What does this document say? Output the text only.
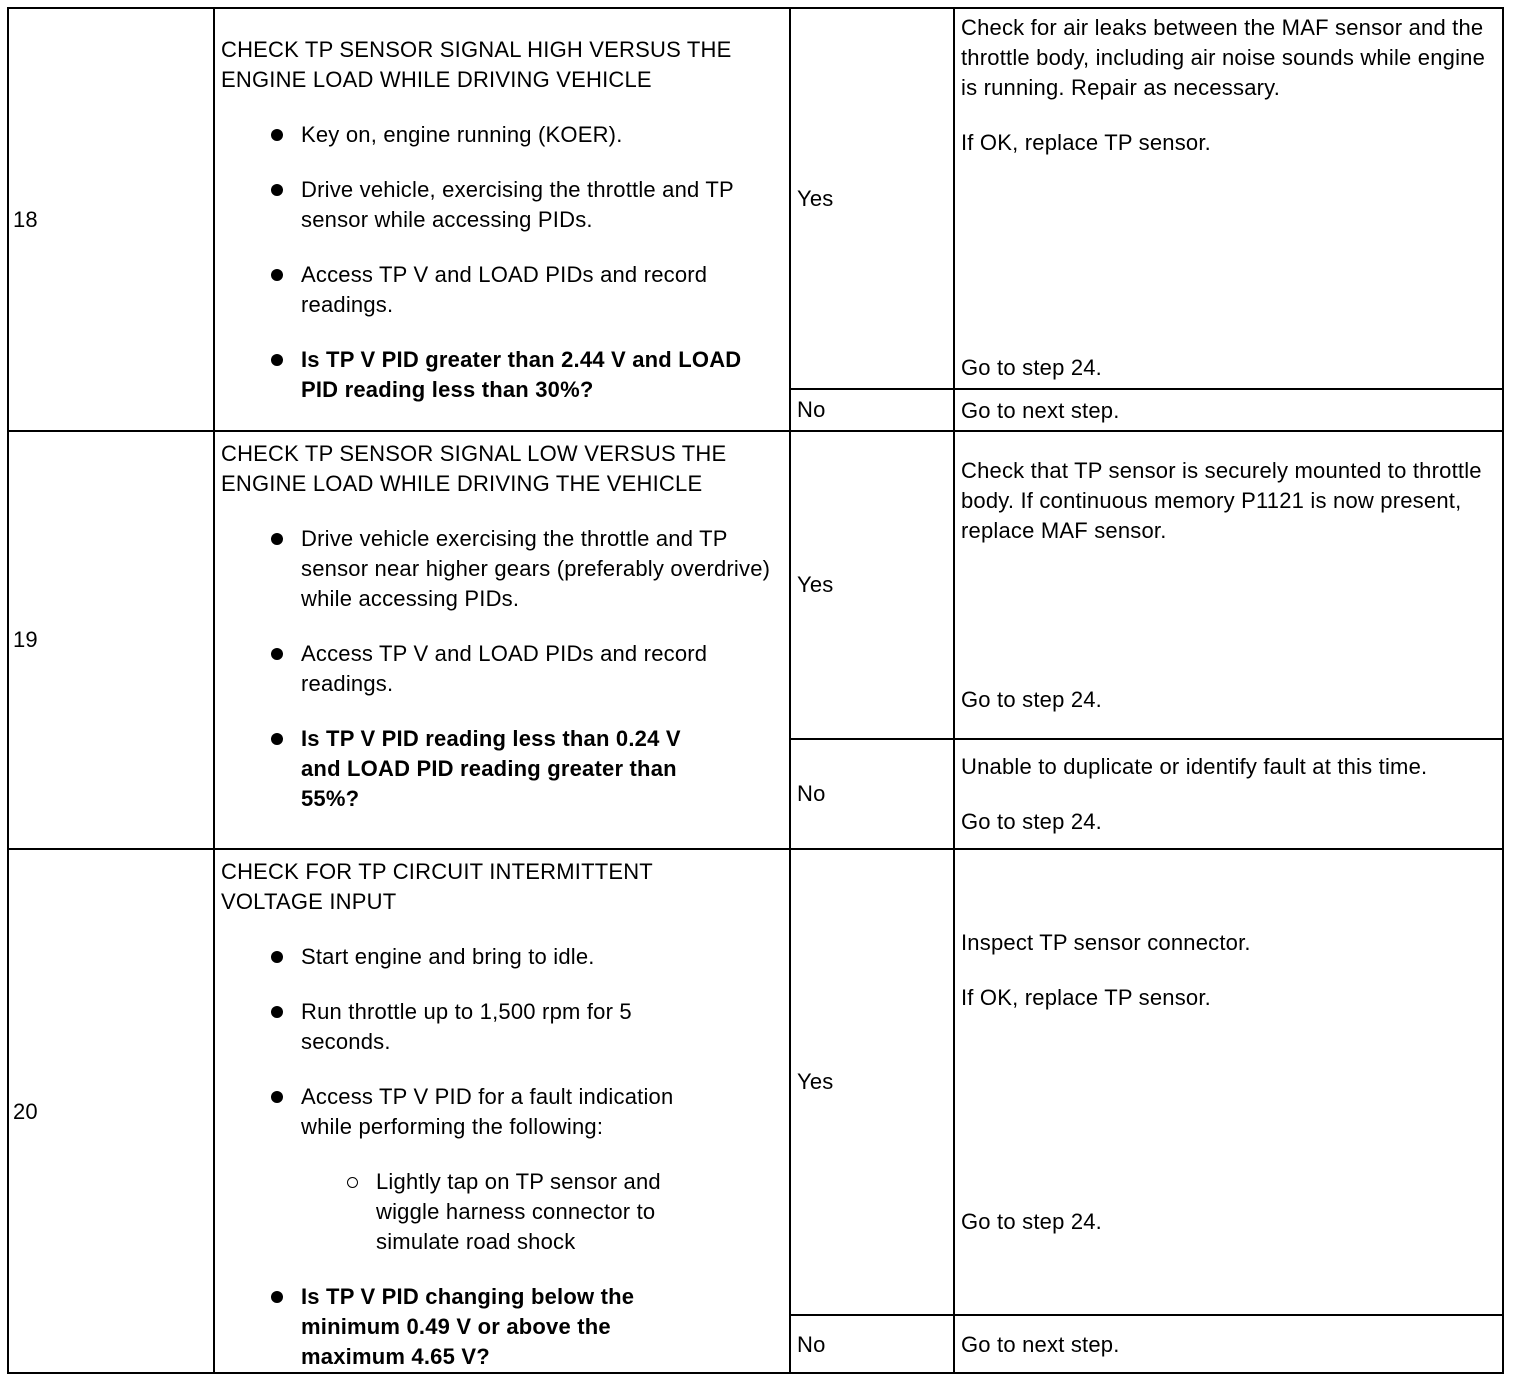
18
CHECK TP SENSOR SIGNAL HIGH VERSUS THE ENGINE LOAD WHILE DRIVING VEHICLE
Key on, engine running (KOER).
Drive vehicle, exercising the throttle and TP sensor while accessing PIDs.
Access TP V and LOAD PIDs and record readings.
Is TP V PID greater than 2.44 V and LOAD PID reading less than 30%?
Yes

Check for air leaks between the MAF sensor and the throttle body, including air noise sounds while engine is running. Repair as necessary.

If OK, replace TP sensor.

Go to step 24.
No	Go to next step.
19
CHECK TP SENSOR SIGNAL LOW VERSUS THE ENGINE LOAD WHILE DRIVING THE VEHICLE
Drive vehicle exercising the throttle and TP sensor near higher gears (preferably overdrive) while accessing PIDs.
Access TP V and LOAD PIDs and record readings.
Is TP V PID reading less than 0.24 V and LOAD PID reading greater than 55%?
Yes

Check that TP sensor is securely mounted to throttle body. If continuous memory P1121 is now present, replace MAF sensor.

Go to step 24.
No

Unable to duplicate or identify fault at this time.

Go to step 24.

20
CHECK FOR TP CIRCUIT INTERMITTENT VOLTAGE INPUT
Start engine and bring to idle.
Run throttle up to 1,500 rpm for 5 seconds.
Access TP V PID for a fault indication while performing the following:
Lightly tap on TP sensor and wiggle harness connector to simulate road shock
Is TP V PID changing below the minimum 0.49 V or above the maximum 4.65 V?
Yes

Inspect TP sensor connector.

If OK, replace TP sensor.

Go to step 24.
No	Go to next step.
